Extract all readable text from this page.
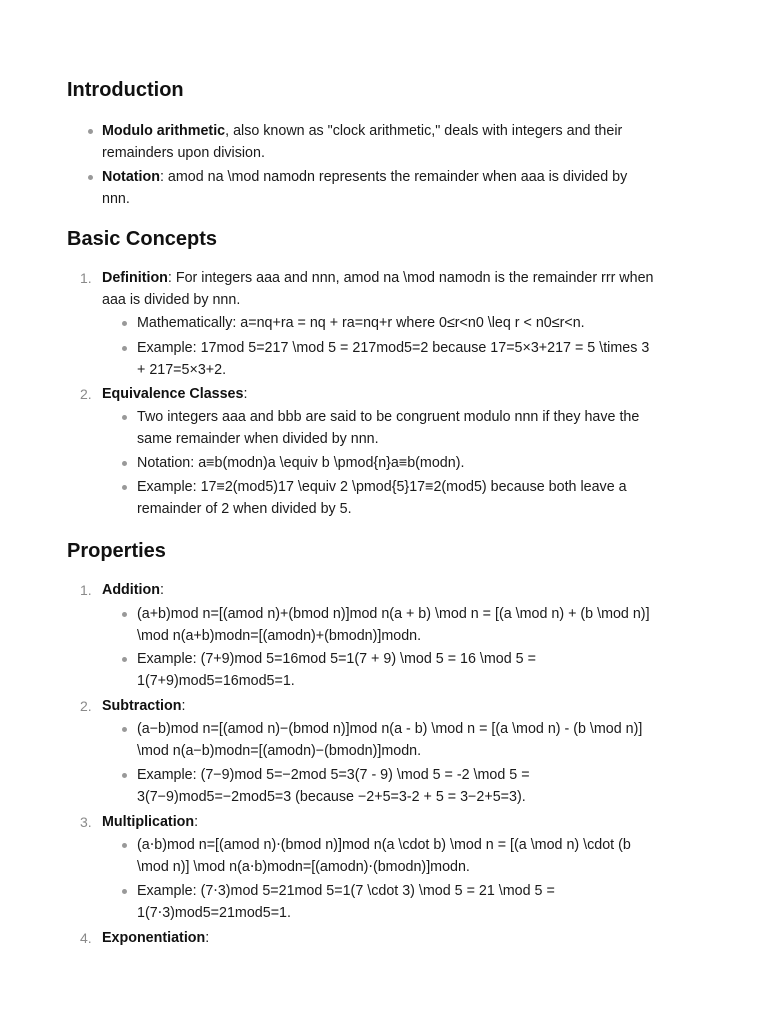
Introduction

Modulo arithmetic, also known as "clock arithmetic," deals with integers and their

remainders upon division.

Notation: amod na \mod namodn represents the remainder when aaa is divided by

nnn.

Basic Concepts
1. Definition: For integers aaa and nnn, amod na \mod namodn is the remainder rrr when

aaa is divided by nnn.

Mathematically: a=nq+ra = nq + ra=nq+r where 0≤r<n0 \leq r < n0≤r<n.

Example: 17mod 5=217 \mod 5 = 217mod5=2 because 17=5×3+217 = 5 \times 3

+ 217=5×3+2.

2. Equivalence Classes:

Two integers aaa and bbb are said to be congruent modulo nnn if they have the

same remainder when divided by nnn.

Notation: a≡b(modn)a \equiv b \pmod{n}a≡b(modn).

Example: 17≡2(mod5)17 \equiv 2 \pmod{5}17≡2(mod5) because both leave a

remainder of 2 when divided by 5.

Properties
1. Addition:

(a+b)mod n=[(amod n)+(bmod n)]mod n(a + b) \mod n = [(a \mod n) + (b \mod n)]

\mod n(a+b)modn=[(amodn)+(bmodn)]modn.

Example: (7+9)mod 5=16mod 5=1(7 + 9) \mod 5 = 16 \mod 5 =

1(7+9)mod5=16mod5=1.

2. Subtraction:

(a−b)mod n=[(amod n)−(bmod n)]mod n(a - b) \mod n = [(a \mod n) - (b \mod n)]

\mod n(a−b)modn=[(amodn)−(bmodn)]modn.

Example: (7−9)mod 5=−2mod 5=3(7 - 9) \mod 5 = -2 \mod 5 =

3(7−9)mod5=−2mod5=3 (because −2+5=3-2 + 5 = 3−2+5=3).

3. Multiplication:

(a⋅b)mod n=[(amod n)⋅(bmod n)]mod n(a \cdot b) \mod n = [(a \mod n) \cdot (b

\mod n)] \mod n(a⋅b)modn=[(amodn)⋅(bmodn)]modn.

Example: (7⋅3)mod 5=21mod 5=1(7 \cdot 3) \mod 5 = 21 \mod 5 =

1(7⋅3)mod5=21mod5=1.

4. Exponentiation:
